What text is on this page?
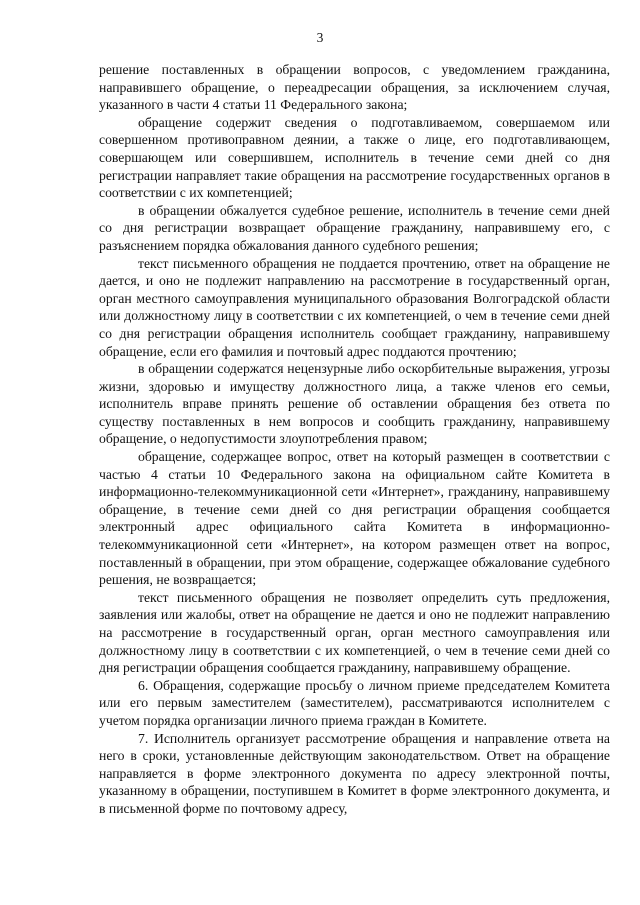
3

решение поставленных в обращении вопросов, с уведомлением гражданина, направившего обращение, о переадресации обращения, за исключением случая, указанного в части 4 статьи 11 Федерального закона;

обращение содержит сведения о подготавливаемом, совершаемом или совершенном противоправном деянии, а также о лице, его подготавливающем, совершающем или совершившем, исполнитель в течение семи дней со дня регистрации направляет такие обращения на рассмотрение государственных органов в соответствии с их компетенцией;

в обращении обжалуется судебное решение, исполнитель в течение семи дней со дня регистрации возвращает обращение гражданину, направившему его, с разъяснением порядка обжалования данного судебного решения;

текст письменного обращения не поддается прочтению, ответ на обращение не дается, и оно не подлежит направлению на рассмотрение в государственный орган, орган местного самоуправления муниципального образования Волгоградской области или должностному лицу в соответствии с их компетенцией, о чем в течение семи дней со дня регистрации обращения исполнитель сообщает гражданину, направившему обращение, если его фамилия и почтовый адрес поддаются прочтению;

в обращении содержатся нецензурные либо оскорбительные выражения, угрозы жизни, здоровью и имуществу должностного лица, а также членов его семьи, исполнитель вправе принять решение об оставлении обращения без ответа по существу поставленных в нем вопросов и сообщить гражданину, направившему обращение, о недопустимости злоупотребления правом;

обращение, содержащее вопрос, ответ на который размещен в соответствии с частью 4 статьи 10 Федерального закона на официальном сайте Комитета в информационно-телекоммуникационной сети «Интернет», гражданину, направившему обращение, в течение семи дней со дня регистрации обращения сообщается электронный адрес официального сайта Комитета в информационно-телекоммуникационной сети «Интернет», на котором размещен ответ на вопрос, поставленный в обращении, при этом обращение, содержащее обжалование судебного решения, не возвращается;

текст письменного обращения не позволяет определить суть предложения, заявления или жалобы, ответ на обращение не дается и оно не подлежит направлению на рассмотрение в государственный орган, орган местного самоуправления или должностному лицу в соответствии с их компетенцией, о чем в течение семи дней со дня регистрации обращения сообщается гражданину, направившему обращение.

6. Обращения, содержащие просьбу о личном приеме председателем Комитета или его первым заместителем (заместителем), рассматриваются исполнителем с учетом порядка организации личного приема граждан в Комитете.

7. Исполнитель организует рассмотрение обращения и направление ответа на него в сроки, установленные действующим законодательством. Ответ на обращение направляется в форме электронного документа по адресу электронной почты, указанному в обращении, поступившем в Комитет в форме электронного документа, и в письменной форме по почтовому адресу,
